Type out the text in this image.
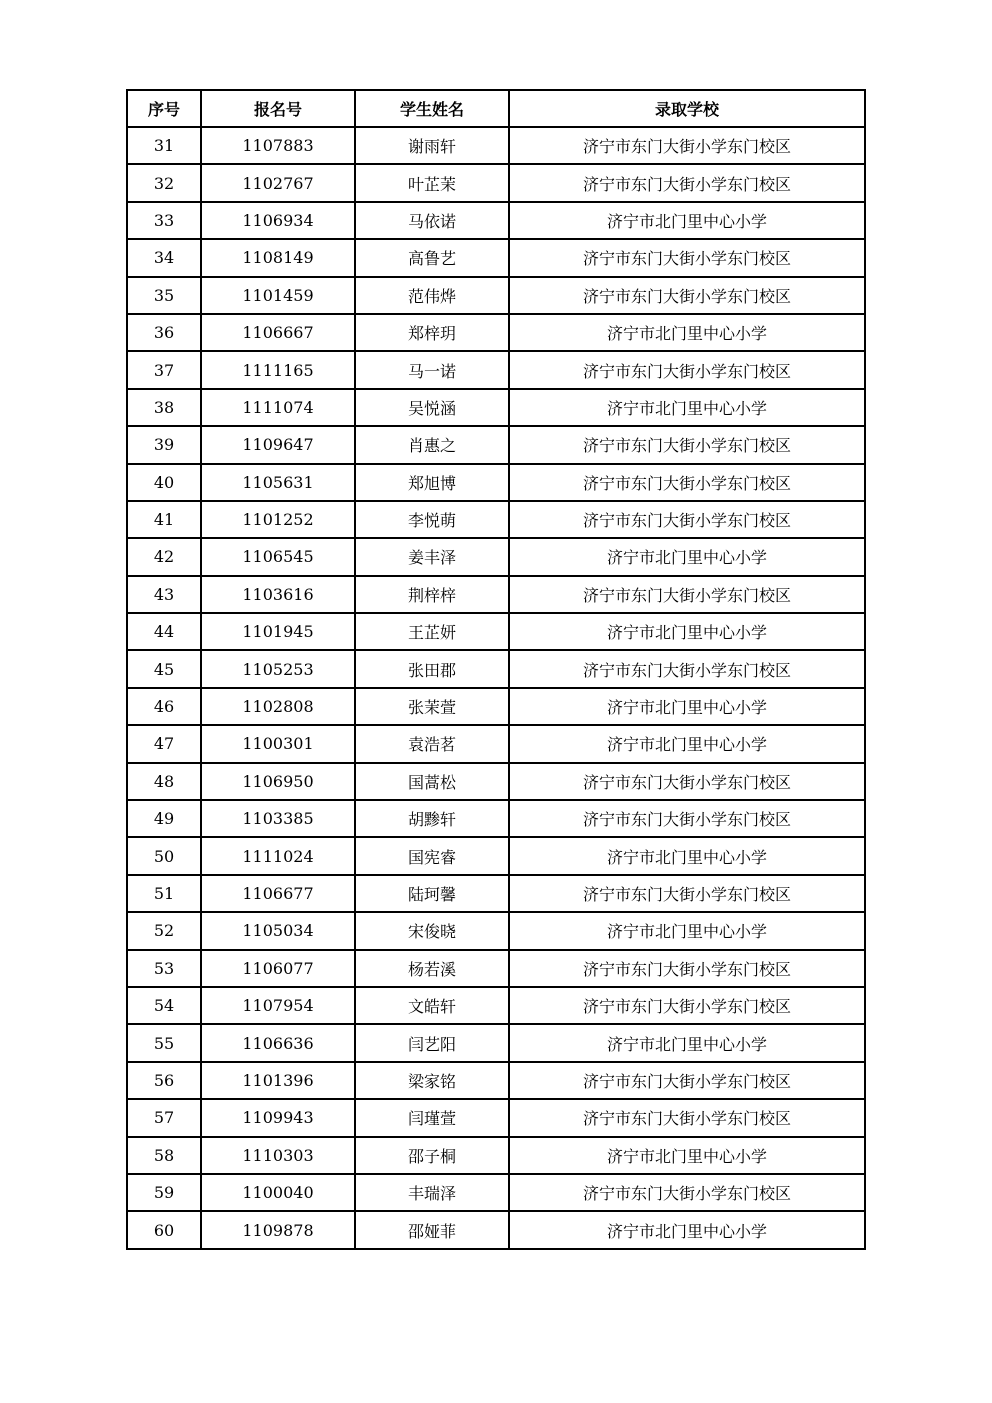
序号	报名号	学生姓名	录取学校
31	1107883	谢雨轩	济宁市东门大街小学东门校区
32	1102767	叶芷茉	济宁市东门大街小学东门校区
33	1106934	马依诺	济宁市北门里中心小学
34	1108149	高鲁艺	济宁市东门大街小学东门校区
35	1101459	范伟烨	济宁市东门大街小学东门校区
36	1106667	郑梓玥	济宁市北门里中心小学
37	1111165	马一诺	济宁市东门大街小学东门校区
38	1111074	吴悦涵	济宁市北门里中心小学
39	1109647	肖惠之	济宁市东门大街小学东门校区
40	1105631	郑旭博	济宁市东门大街小学东门校区
41	1101252	李悦萌	济宁市东门大街小学东门校区
42	1106545	姜丰泽	济宁市北门里中心小学
43	1103616	荆梓梓	济宁市东门大街小学东门校区
44	1101945	王芷妍	济宁市北门里中心小学
45	1105253	张田郡	济宁市东门大街小学东门校区
46	1102808	张茉萱	济宁市北门里中心小学
47	1100301	袁浩茗	济宁市北门里中心小学
48	1106950	国蒿松	济宁市东门大街小学东门校区
49	1103385	胡黪轩	济宁市东门大街小学东门校区
50	1111024	国宪睿	济宁市北门里中心小学
51	1106677	陆珂馨	济宁市东门大街小学东门校区
52	1105034	宋俊晓	济宁市北门里中心小学
53	1106077	杨若溪	济宁市东门大街小学东门校区
54	1107954	文皓轩	济宁市东门大街小学东门校区
55	1106636	闫艺阳	济宁市北门里中心小学
56	1101396	梁家铭	济宁市东门大街小学东门校区
57	1109943	闫瑾萱	济宁市东门大街小学东门校区
58	1110303	邵子桐	济宁市北门里中心小学
59	1100040	丰瑞泽	济宁市东门大街小学东门校区
60	1109878	邵娅菲	济宁市北门里中心小学
